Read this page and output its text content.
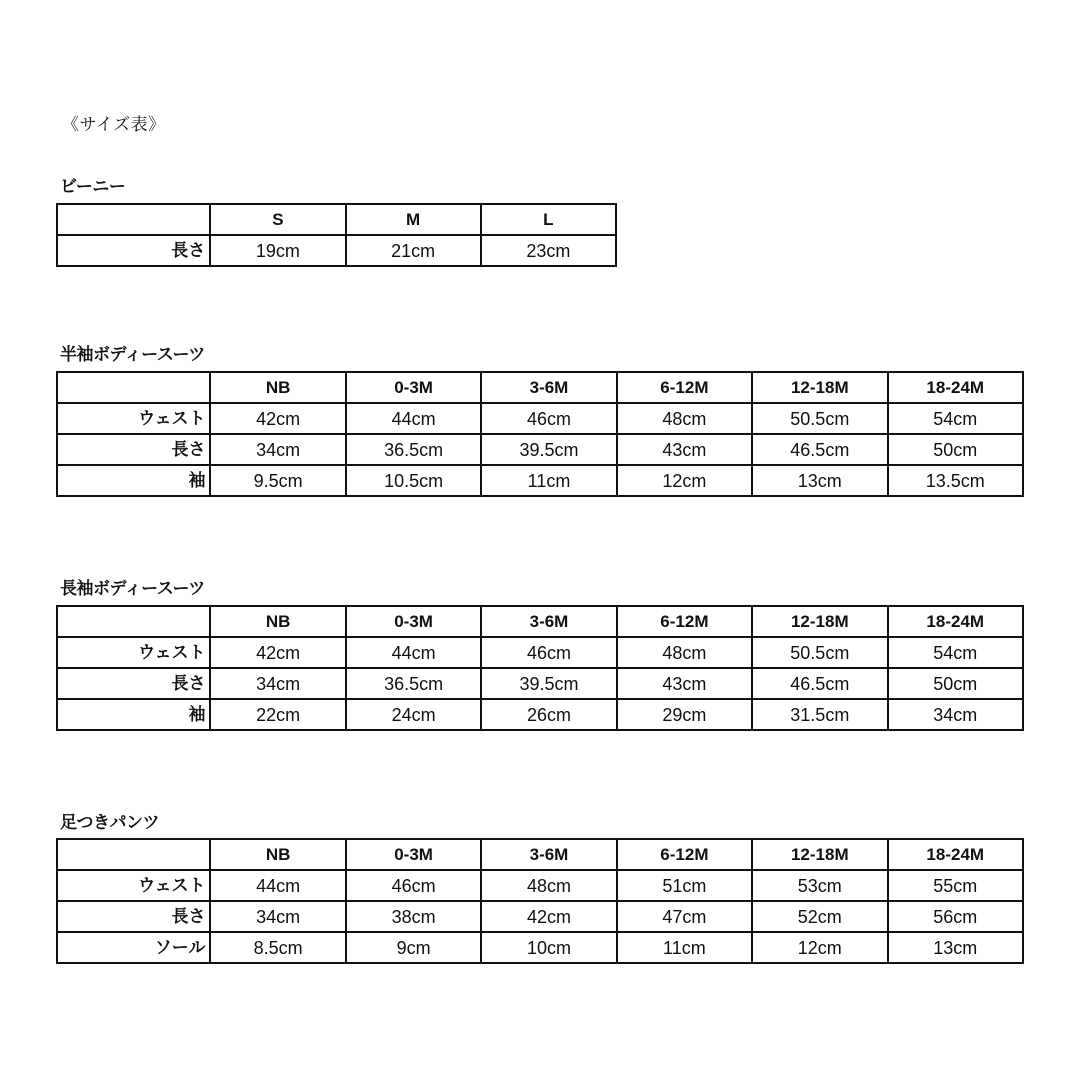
《サイズ表》
ビーニー
	S	M	L
長さ	19cm	21cm	23cm
半袖ボディースーツ
	NB	0-3M	3-6M	6-12M	12-18M	18-24M
ウェスト	42cm	44cm	46cm	48cm	50.5cm	54cm
長さ	34cm	36.5cm	39.5cm	43cm	46.5cm	50cm
袖	9.5cm	10.5cm	11cm	12cm	13cm	13.5cm
長袖ボディースーツ
	NB	0-3M	3-6M	6-12M	12-18M	18-24M
ウェスト	42cm	44cm	46cm	48cm	50.5cm	54cm
長さ	34cm	36.5cm	39.5cm	43cm	46.5cm	50cm
袖	22cm	24cm	26cm	29cm	31.5cm	34cm
足つきパンツ
	NB	0-3M	3-6M	6-12M	12-18M	18-24M
ウェスト	44cm	46cm	48cm	51cm	53cm	55cm
長さ	34cm	38cm	42cm	47cm	52cm	56cm
ソール	8.5cm	9cm	10cm	11cm	12cm	13cm
